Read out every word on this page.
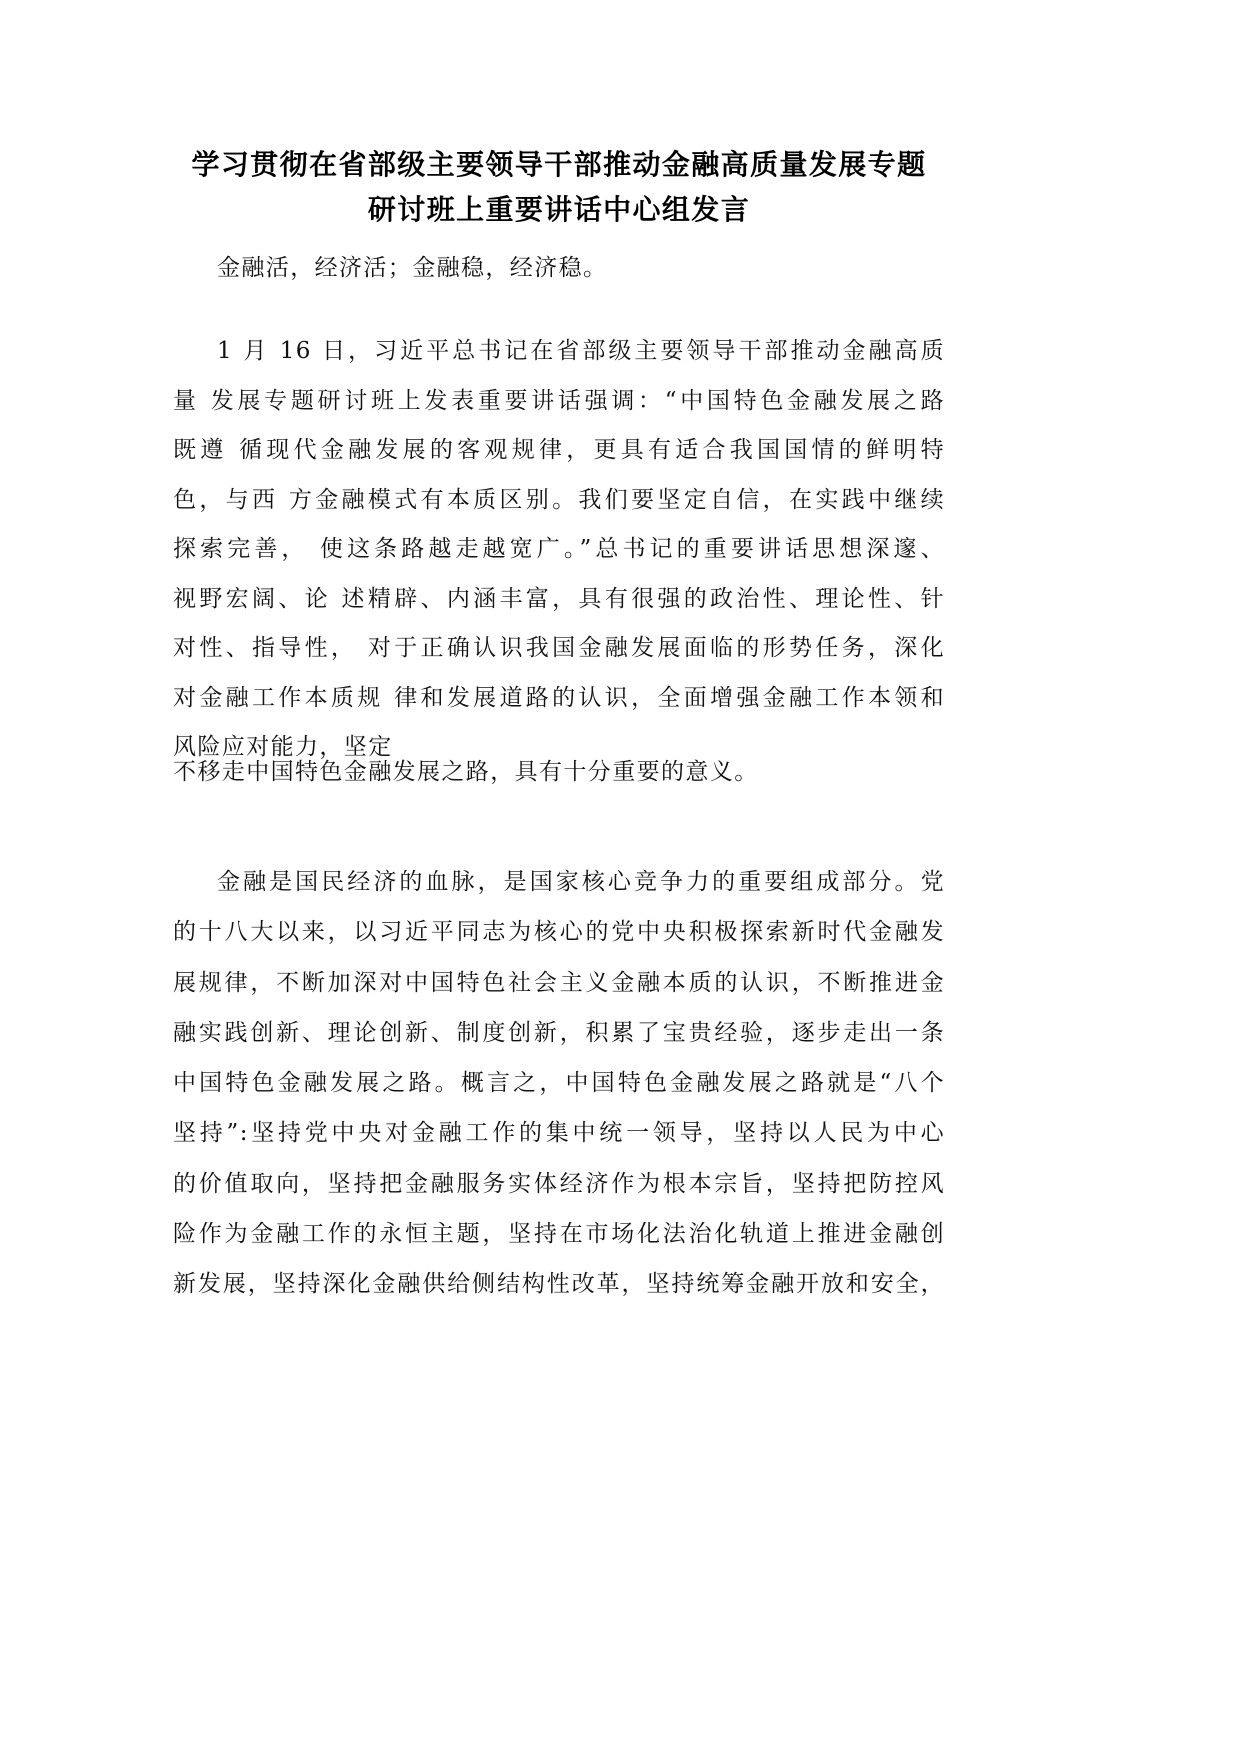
学习贯彻在省部级主要领导干部推动金融高质量发展专题
研讨班上重要讲话中心组发言
金融活，经济活；金融稳，经济稳。
1 月 16 日，习近平总书记在省部级主要领导干部推动金融高质
量 发展专题研讨班上发表重要讲话强调：“中国特色金融发展之路
既遵 循现代金融发展的客观规律，更具有适合我国国情的鲜明特
色，与西 方金融模式有本质区别。我们要坚定自信，在实践中继续
探索完善， 使这条路越走越宽广。”总书记的重要讲话思想深邃、
视野宏阔、论 述精辟、内涵丰富，具有很强的政治性、理论性、针
对性、指导性， 对于正确认识我国金融发展面临的形势任务，深化
对金融工作本质规 律和发展道路的认识，全面增强金融工作本领和
风险应对能力，坚定
不移走中国特色金融发展之路，具有十分重要的意义。
金融是国民经济的血脉，是国家核心竞争力的重要组成部分。党
的十八大以来，以习近平同志为核心的党中央积极探索新时代金融发
展规律，不断加深对中国特色社会主义金融本质的认识，不断推进金
融实践创新、理论创新、制度创新，积累了宝贵经验，逐步走出一条
中国特色金融发展之路。概言之，中国特色金融发展之路就是“八个
坚持”:坚持党中央对金融工作的集中统一领导，坚持以人民为中心
的价值取向，坚持把金融服务实体经济作为根本宗旨，坚持把防控风
险作为金融工作的永恒主题，坚持在市场化法治化轨道上推进金融创
新发展，坚持深化金融供给侧结构性改革，坚持统筹金融开放和安全，
